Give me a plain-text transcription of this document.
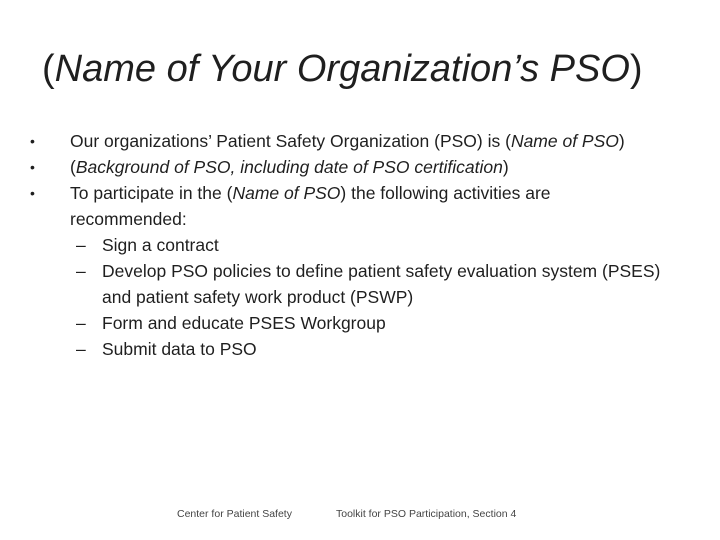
(Name of Your Organization’s PSO)
• Our organizations’ Patient Safety Organization (PSO) is (Name of PSO)
• (Background of PSO, including date of PSO certification)
• To participate in the (Name of PSO) the following activities are recommended:
– Sign a contract
– Develop PSO policies to define patient safety evaluation system (PSES) and patient safety work product (PSWP)
– Form and educate PSES Workgroup
– Submit data to PSO
Center for Patient Safety	Toolkit for PSO Participation, Section 4
